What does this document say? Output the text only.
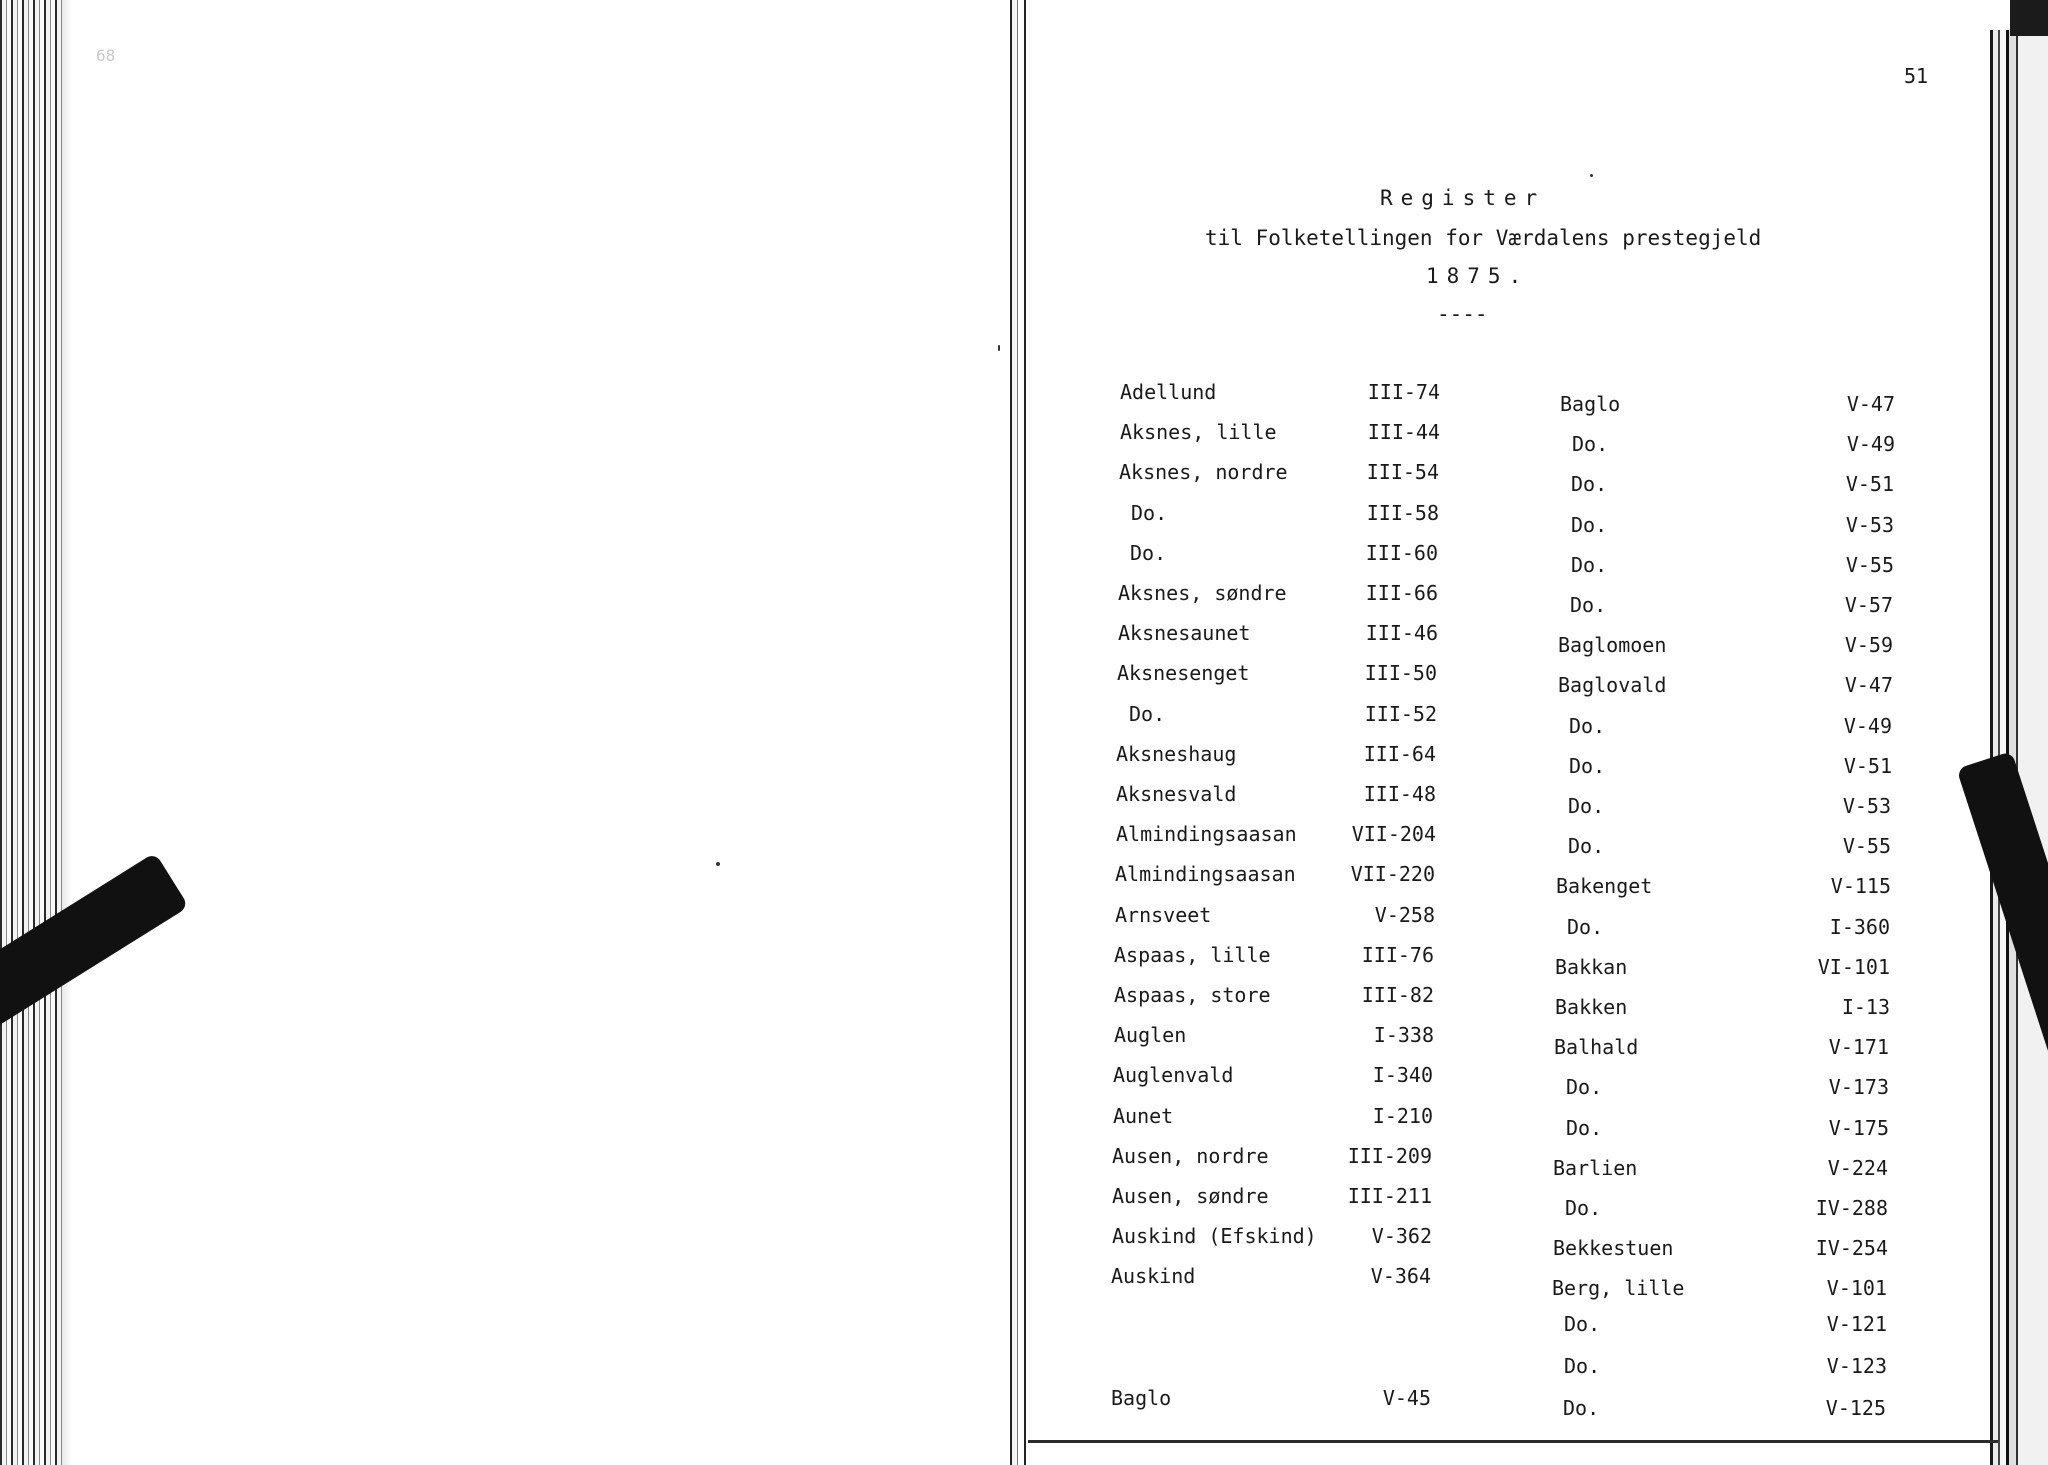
68
51
Register
til Folketellingen for Værdalens prestegjeld
1875.
----
Adellund	III-74
Aksnes, lille	III-44
Aksnes, nordre	III-54
Do.	III-58
Do.	III-60
Aksnes, søndre	III-66
Aksnesaunet	III-46
Aksnesenget	III-50
Do.	III-52
Aksneshaug	III-64
Aksnesvald	III-48
Almindingsaasan	VII-204
Almindingsaasan	VII-220
Arnsveet	V-258
Aspaas, lille	III-76
Aspaas, store	III-82
Auglen	I-338
Auglenvald	I-340
Aunet	I-210
Ausen, nordre	III-209
Ausen, søndre	III-211
Auskind (Efskind)	V-362
Auskind	V-364
Baglo	V-45
Baglo	V-47
Do.	V-49
Do.	V-51
Do.	V-53
Do.	V-55
Do.	V-57
Baglomoen	V-59
Baglovald	V-47
Do.	V-49
Do.	V-51
Do.	V-53
Do.	V-55
Bakenget	V-115
Do.	I-360
Bakkan	VI-101
Bakken	I-13
Balhald	V-171
Do.	V-173
Do.	V-175
Barlien	V-224
Do.	IV-288
Bekkestuen	IV-254
Berg, lille	V-101
Do.	V-121
Do.	V-123
Do.	V-125
